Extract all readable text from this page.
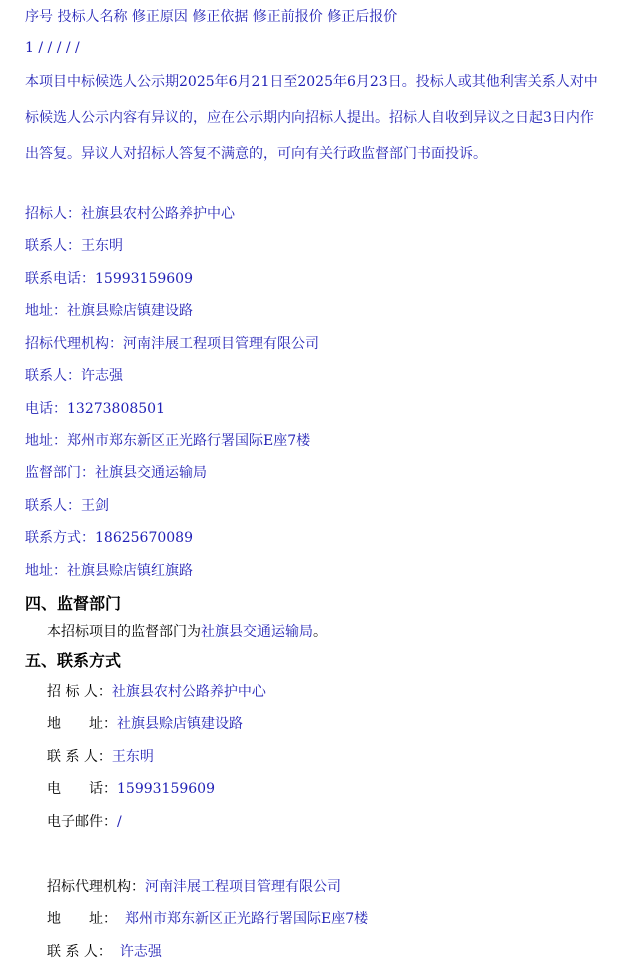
序号 投标人名称 修正原因 修正依据 修正前报价 修正后报价
1 / / / / /
本项目中标候选人公示期2025年6月21日至2025年6月23日。投标人或其他利害关系人对中标候选人公示内容有异议的，应在公示期内向招标人提出。招标人自收到异议之日起3日内作出答复。异议人对招标人答复不满意的，可向有关行政监督部门书面投诉。
招标人：社旗县农村公路养护中心
联系人：王东明
联系电话：15993159609
地址：社旗县赊店镇建设路
招标代理机构：河南沣展工程项目管理有限公司
联系人：许志强
电话：13273808501
地址：郑州市郑东新区正光路行署国际E座7楼
监督部门：社旗县交通运输局
联系人：王剑
联系方式：18625670089
地址：社旗县赊店镇红旗路
四、监督部门
本招标项目的监督部门为社旗县交通运输局。
五、联系方式
招 标 人：社旗县农村公路养护中心
地　　址：社旗县赊店镇建设路
联 系 人：王东明
电　　话：15993159609
电子邮件：/
招标代理机构：河南沣展工程项目管理有限公司
地　　址： 郑州市郑东新区正光路行署国际E座7楼
联 系 人： 许志强
